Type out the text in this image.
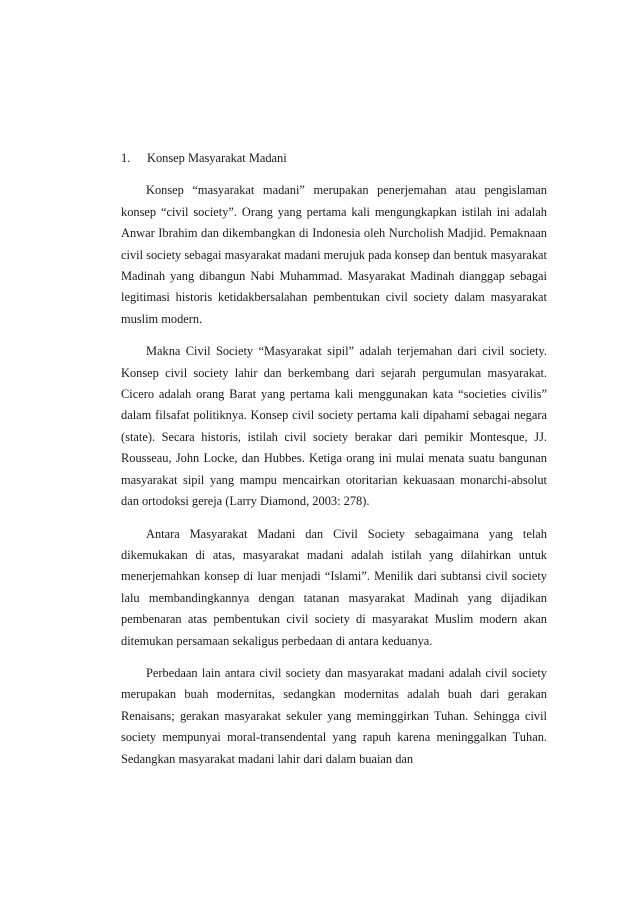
1. Konsep Masyarakat Madani

Konsep “masyarakat madani” merupakan penerjemahan atau pengislaman konsep “civil society”. Orang yang pertama kali mengungkapkan istilah ini adalah Anwar Ibrahim dan dikembangkan di Indonesia oleh Nurcholish Madjid. Pemaknaan civil society sebagai masyarakat madani merujuk pada konsep dan bentuk masyarakat Madinah yang dibangun Nabi Muhammad. Masyarakat Madinah dianggap sebagai legitimasi historis ketidakbersalahan pembentukan civil society dalam masyarakat muslim modern.

Makna Civil Society “Masyarakat sipil” adalah terjemahan dari civil society. Konsep civil society lahir dan berkembang dari sejarah pergumulan masyarakat. Cicero adalah orang Barat yang pertama kali menggunakan kata “societies civilis” dalam filsafat politiknya. Konsep civil society pertama kali dipahami sebagai negara (state). Secara historis, istilah civil society berakar dari pemikir Montesque, JJ. Rousseau, John Locke, dan Hubbes. Ketiga orang ini mulai menata suatu bangunan masyarakat sipil yang mampu mencairkan otoritarian kekuasaan monarchi-absolut dan ortodoksi gereja (Larry Diamond, 2003: 278).

Antara Masyarakat Madani dan Civil Society sebagaimana yang telah dikemukakan di atas, masyarakat madani adalah istilah yang dilahirkan untuk menerjemahkan konsep di luar menjadi “Islami”. Menilik dari subtansi civil society lalu membandingkannya dengan tatanan masyarakat Madinah yang dijadikan pembenaran atas pembentukan civil society di masyarakat Muslim modern akan ditemukan persamaan sekaligus perbedaan di antara keduanya.

Perbedaan lain antara civil society dan masyarakat madani adalah civil society merupakan buah modernitas, sedangkan modernitas adalah buah dari gerakan Renaisans; gerakan masyarakat sekuler yang meminggirkan Tuhan. Sehingga civil society mempunyai moral-transendental yang rapuh karena meninggalkan Tuhan. Sedangkan masyarakat madani lahir dari dalam buaian dan
